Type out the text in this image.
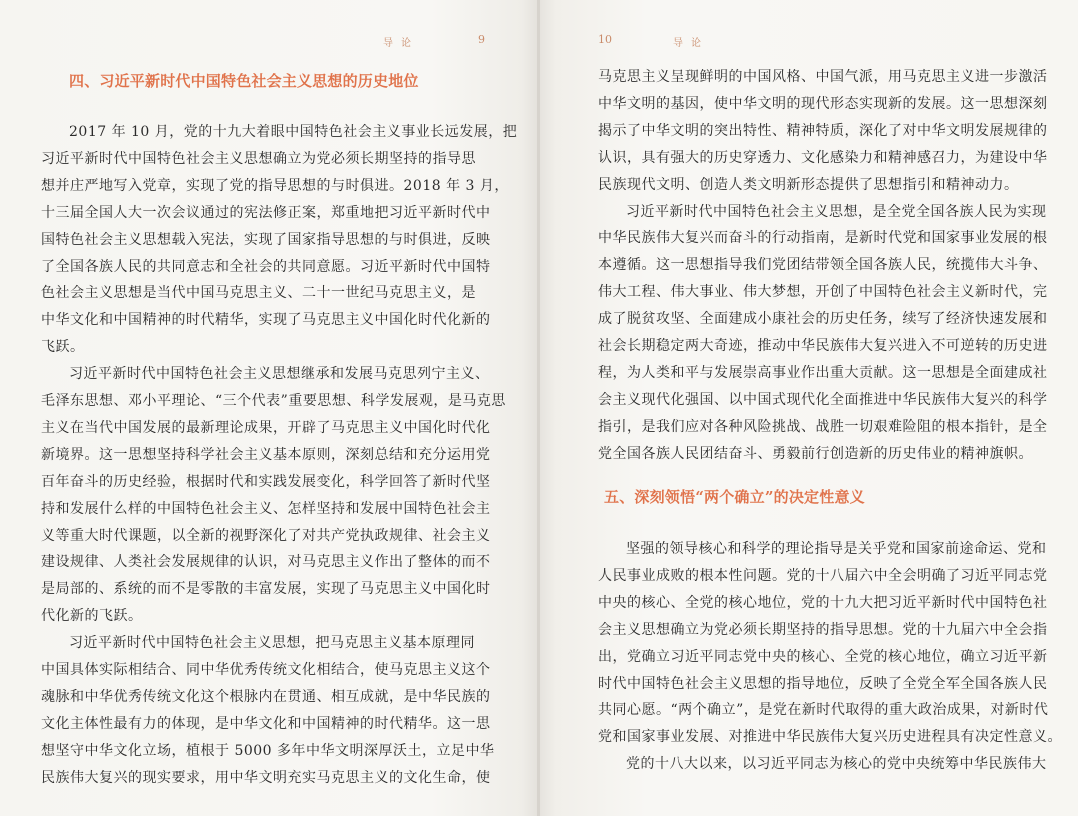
导论	9
四、习近平新时代中国特色社会主义思想的历史地位
2017 年 10 月，党的十九大着眼中国特色社会主义事业长远发展，把
习近平新时代中国特色社会主义思想确立为党必须长期坚持的指导思
想并庄严地写入党章，实现了党的指导思想的与时俱进。2018 年 3 月，
十三届全国人大一次会议通过的宪法修正案，郑重地把习近平新时代中
国特色社会主义思想载入宪法，实现了国家指导思想的与时俱进，反映
了全国各族人民的共同意志和全社会的共同意愿。习近平新时代中国特
色社会主义思想是当代中国马克思主义、二十一世纪马克思主义，是
中华文化和中国精神的时代精华，实现了马克思主义中国化时代化新的
飞跃。
习近平新时代中国特色社会主义思想继承和发展马克思列宁主义、
毛泽东思想、邓小平理论、“三个代表”重要思想、科学发展观，是马克思
主义在当代中国发展的最新理论成果，开辟了马克思主义中国化时代化
新境界。这一思想坚持科学社会主义基本原则，深刻总结和充分运用党
百年奋斗的历史经验，根据时代和实践发展变化，科学回答了新时代坚
持和发展什么样的中国特色社会主义、怎样坚持和发展中国特色社会主
义等重大时代课题，以全新的视野深化了对共产党执政规律、社会主义
建设规律、人类社会发展规律的认识，对马克思主义作出了整体的而不
是局部的、系统的而不是零散的丰富发展，实现了马克思主义中国化时
代化新的飞跃。
习近平新时代中国特色社会主义思想，把马克思主义基本原理同
中国具体实际相结合、同中华优秀传统文化相结合，使马克思主义这个
魂脉和中华优秀传统文化这个根脉内在贯通、相互成就，是中华民族的
文化主体性最有力的体现，是中华文化和中国精神的时代精华。这一思
想坚守中华文化立场，植根于 5000 多年中华文明深厚沃土，立足中华
民族伟大复兴的现实要求，用中华文明充实马克思主义的文化生命，使
10	导论
马克思主义呈现鲜明的中国风格、中国气派，用马克思主义进一步激活
中华文明的基因，使中华文明的现代形态实现新的发展。这一思想深刻
揭示了中华文明的突出特性、精神特质，深化了对中华文明发展规律的
认识，具有强大的历史穿透力、文化感染力和精神感召力，为建设中华
民族现代文明、创造人类文明新形态提供了思想指引和精神动力。
习近平新时代中国特色社会主义思想，是全党全国各族人民为实现
中华民族伟大复兴而奋斗的行动指南，是新时代党和国家事业发展的根
本遵循。这一思想指导我们党团结带领全国各族人民，统揽伟大斗争、
伟大工程、伟大事业、伟大梦想，开创了中国特色社会主义新时代，完
成了脱贫攻坚、全面建成小康社会的历史任务，续写了经济快速发展和
社会长期稳定两大奇迹，推动中华民族伟大复兴进入不可逆转的历史进
程，为人类和平与发展崇高事业作出重大贡献。这一思想是全面建成社
会主义现代化强国、以中国式现代化全面推进中华民族伟大复兴的科学
指引，是我们应对各种风险挑战、战胜一切艰难险阻的根本指针，是全
党全国各族人民团结奋斗、勇毅前行创造新的历史伟业的精神旗帜。
五、深刻领悟“两个确立”的决定性意义
坚强的领导核心和科学的理论指导是关乎党和国家前途命运、党和
人民事业成败的根本性问题。党的十八届六中全会明确了习近平同志党
中央的核心、全党的核心地位，党的十九大把习近平新时代中国特色社
会主义思想确立为党必须长期坚持的指导思想。党的十九届六中全会指
出，党确立习近平同志党中央的核心、全党的核心地位，确立习近平新
时代中国特色社会主义思想的指导地位，反映了全党全军全国各族人民
共同心愿。“两个确立”，是党在新时代取得的重大政治成果，对新时代
党和国家事业发展、对推进中华民族伟大复兴历史进程具有决定性意义。
党的十八大以来，以习近平同志为核心的党中央统筹中华民族伟大
